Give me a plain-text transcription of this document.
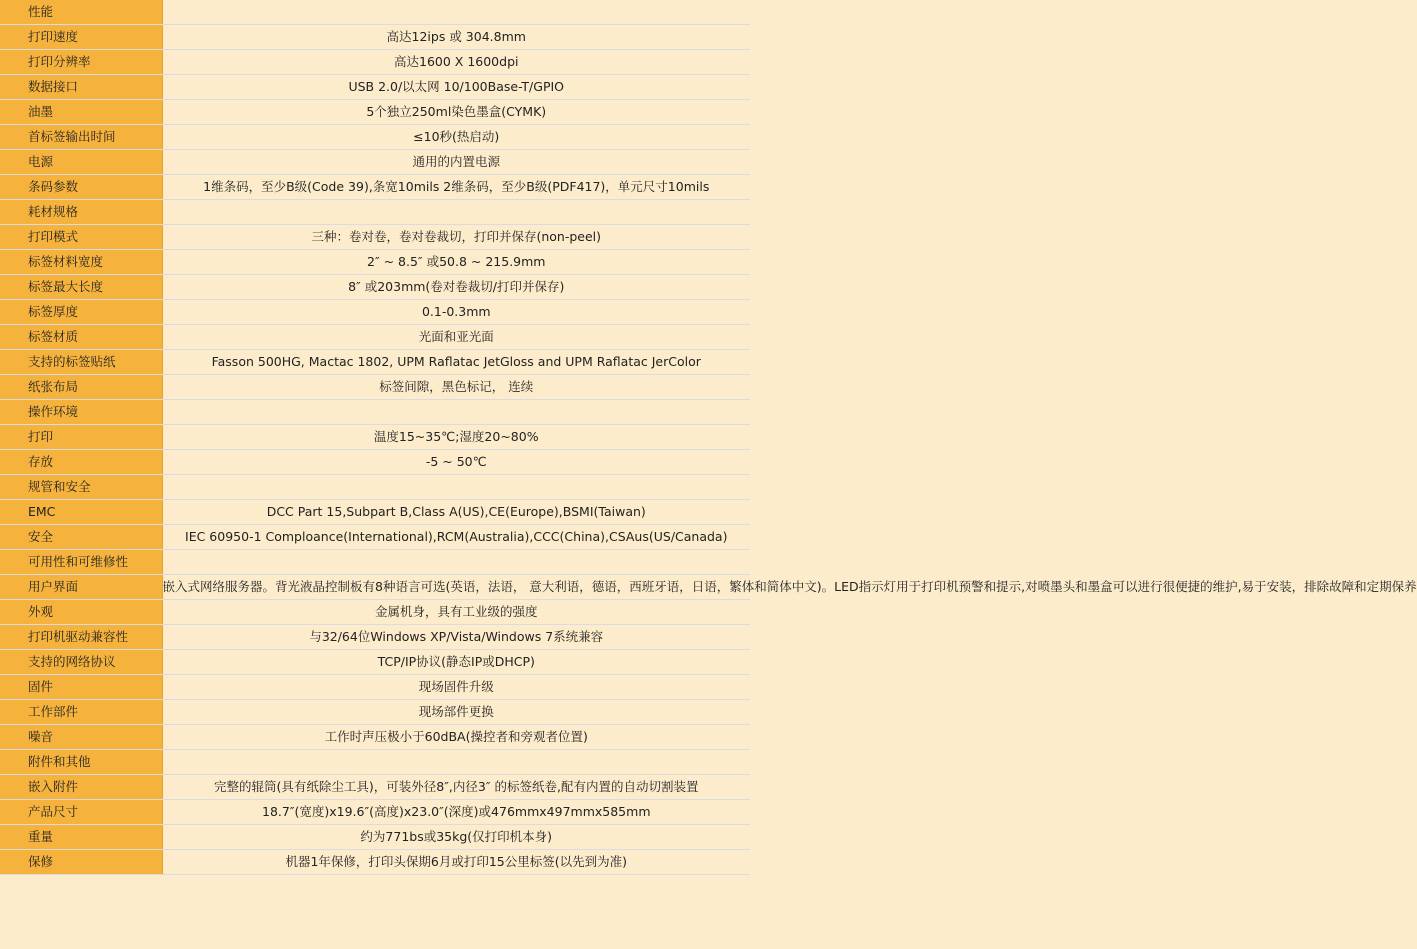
性能	
打印速度	高达12ips 或 304.8mm
打印分辨率	高达1600 X 1600dpi
数据接口	USB 2.0/以太网 10/100Base-T/GPIO
油墨	5个独立250ml染色墨盒(CYMK)
首标签输出时间	≤10秒(热启动)
电源	通用的内置电源
条码参数	1维条码，至少B级(Code 39),条宽10mils 2维条码，至少B级(PDF417)，单元尺寸10mils
耗材规格	
打印模式	三种：卷对卷，卷对卷裁切，打印并保存(non-peel)
标签材料宽度	2″ ~ 8.5″ 或50.8 ~ 215.9mm
标签最大长度	8″ 或203mm(卷对卷裁切/打印并保存)
标签厚度	0.1-0.3mm
标签材质	光面和亚光面
支持的标签贴纸	Fasson 500HG, Mactac 1802, UPM Raflatac JetGloss and UPM Raflatac JerColor
纸张布局	标签间隙，黑色标记， 连续
操作环境	
打印	温度15~35℃;湿度20~80%
存放	-5 ~ 50℃
规管和安全	
EMC	DCC Part 15,Subpart B,Class A(US),CE(Europe),BSMI(Taiwan)
安全	IEC 60950-1 Comploance(International),RCM(Australia),CCC(China),CSAus(US/Canada)
可用性和可维修性	
用户界面	嵌入式网络服务器。背光液晶控制板有8种语言可选(英语，法语， 意大利语，德语，西班牙语，日语，繁体和简体中文)。LED指示灯用于打印机预警和提示,对喷墨头和墨盒可以进行很便捷的维护,易于安装，排除故障和定期保养
外观	金属机身，具有工业级的强度
打印机驱动兼容性	与32/64位Windows XP/Vista/Windows 7系统兼容
支持的网络协议	TCP/IP协议(静态IP或DHCP)
固件	现场固件升级
工作部件	现场部件更换
噪音	工作时声压极小于60dBA(操控者和旁观者位置)
附件和其他	
嵌入附件	完整的辊筒(具有纸除尘工具)，可装外径8″,内径3″ 的标签纸卷,配有内置的自动切割装置
产品尺寸	18.7″(宽度)x19.6″(高度)x23.0″(深度)或476mmx497mmx585mm
重量	约为771bs或35kg(仅打印机本身)
保修	机器1年保修，打印头保期6月或打印15公里标签(以先到为准)
